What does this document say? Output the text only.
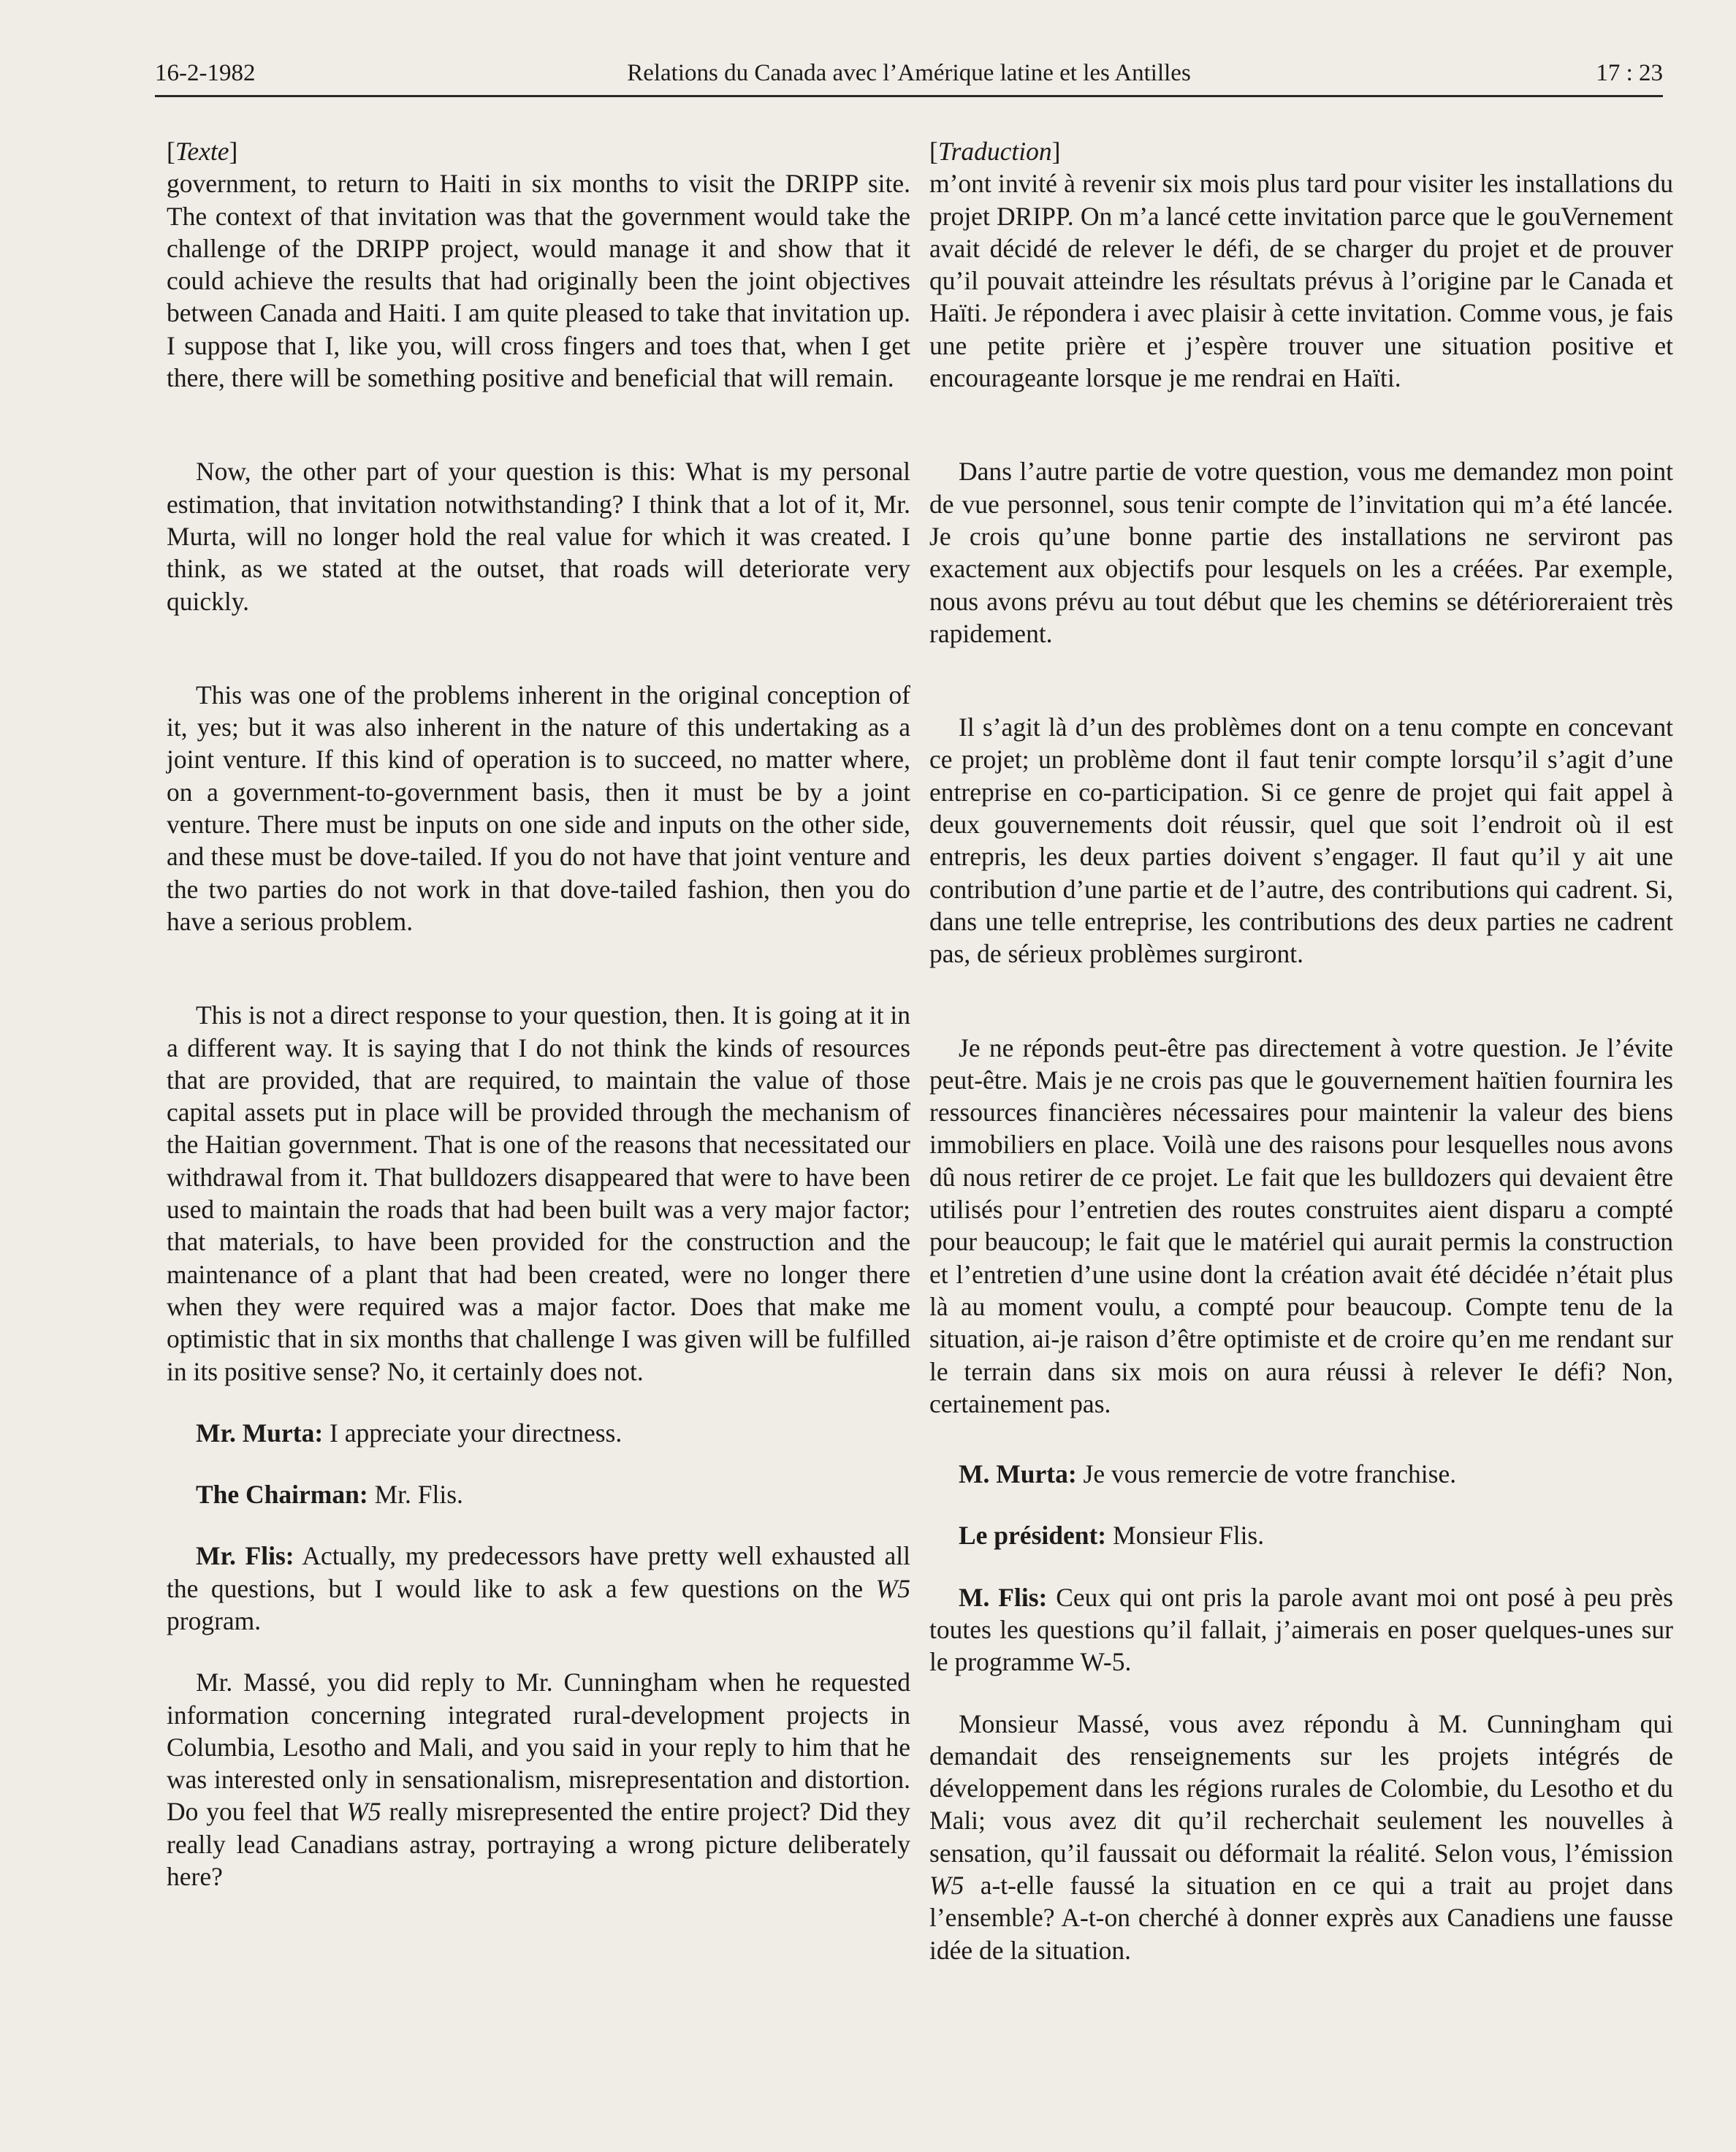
16-2-1982	Relations du Canada avec l’Amérique latine et les Antilles	17 : 23
[Texte]

government, to return to Haiti in six months to visit the DRIPP site. The context of that invitation was that the government would take the challenge of the DRIPP project, would manage it and show that it could achieve the results that had originally been the joint objectives between Canada and Haiti. I am quite pleased to take that invitation up. I suppose that I, like you, will cross fingers and toes that, when I get there, there will be something positive and beneficial that will remain.

Now, the other part of your question is this: What is my personal estimation, that invitation notwithstanding? I think that a lot of it, Mr. Murta, will no longer hold the real value for which it was created. I think, as we stated at the outset, that roads will deteriorate very quickly.

This was one of the problems inherent in the original conception of it, yes; but it was also inherent in the nature of this undertaking as a joint venture. If this kind of operation is to succeed, no matter where, on a government-to-government basis, then it must be by a joint venture. There must be inputs on one side and inputs on the other side, and these must be dove-tailed. If you do not have that joint venture and the two parties do not work in that dove-tailed fashion, then you do have a serious problem.

This is not a direct response to your question, then. It is going at it in a different way. It is saying that I do not think the kinds of resources that are provided, that are required, to maintain the value of those capital assets put in place will be provided through the mechanism of the Haitian government. That is one of the reasons that necessitated our withdrawal from it. That bulldozers disappeared that were to have been used to maintain the roads that had been built was a very major factor; that materials, to have been provided for the construction and the maintenance of a plant that had been created, were no longer there when they were required was a major factor. Does that make me optimistic that in six months that challenge I was given will be fulfilled in its positive sense? No, it certainly does not.

Mr. Murta: I appreciate your directness.

The Chairman: Mr. Flis.

Mr. Flis: Actually, my predecessors have pretty well exhausted all the questions, but I would like to ask a few questions on the W5 program.

Mr. Massé, you did reply to Mr. Cunningham when he requested information concerning integrated rural-development projects in Columbia, Lesotho and Mali, and you said in your reply to him that he was interested only in sensationalism, misrepresentation and distortion. Do you feel that W5 really misrepresented the entire project? Did they really lead Canadians astray, portraying a wrong picture deliberately here?

[Traduction]

m’ont invité à revenir six mois plus tard pour visiter les installations du projet DRIPP. On m’a lancé cette invitation parce que le gouVernement avait décidé de relever le défi, de se charger du projet et de prouver qu’il pouvait atteindre les résultats prévus à l’origine par le Canada et Haïti. Je répondera i avec plaisir à cette invitation. Comme vous, je fais une petite prière et j’espère trouver une situation positive et encourageante lorsque je me rendrai en Haïti.

Dans l’autre partie de votre question, vous me demandez mon point de vue personnel, sous tenir compte de l’invitation qui m’a été lancée. Je crois qu’une bonne partie des installations ne serviront pas exactement aux objectifs pour lesquels on les a créées. Par exemple, nous avons prévu au tout début que les chemins se détérioreraient très rapidement.

Il s’agit là d’un des problèmes dont on a tenu compte en concevant ce projet; un problème dont il faut tenir compte lorsqu’il s’agit d’une entreprise en co-participation. Si ce genre de projet qui fait appel à deux gouvernements doit réussir, quel que soit l’endroit où il est entrepris, les deux parties doivent s’engager. Il faut qu’il y ait une contribution d’une partie et de l’autre, des contributions qui cadrent. Si, dans une telle entreprise, les contributions des deux parties ne cadrent pas, de sérieux problèmes surgiront.

Je ne réponds peut-être pas directement à votre question. Je l’évite peut-être. Mais je ne crois pas que le gouvernement haïtien fournira les ressources financières nécessaires pour maintenir la valeur des biens immobiliers en place. Voilà une des raisons pour lesquelles nous avons dû nous retirer de ce projet. Le fait que les bulldozers qui devaient être utilisés pour l’entretien des routes construites aient disparu a compté pour beaucoup; le fait que le matériel qui aurait permis la construction et l’entretien d’une usine dont la création avait été décidée n’était plus là au moment voulu, a compté pour beaucoup. Compte tenu de la situation, ai-je raison d’être optimiste et de croire qu’en me rendant sur le terrain dans six mois on aura réussi à relever Ie défi? Non, certainement pas.

M. Murta: Je vous remercie de votre franchise.

Le président: Monsieur Flis.

M. Flis: Ceux qui ont pris la parole avant moi ont posé à peu près toutes les questions qu’il fallait, j’aimerais en poser quelques-unes sur le programme W-5.

Monsieur Massé, vous avez répondu à M. Cunningham qui demandait des renseignements sur les projets intégrés de développement dans les régions rurales de Colombie, du Lesotho et du Mali; vous avez dit qu’il recherchait seulement les nouvelles à sensation, qu’il faussait ou déformait la réalité. Selon vous, l’émission W5 a-t-elle faussé la situation en ce qui a trait au projet dans l’ensemble? A-t-on cherché à donner exprès aux Canadiens une fausse idée de la situation.
